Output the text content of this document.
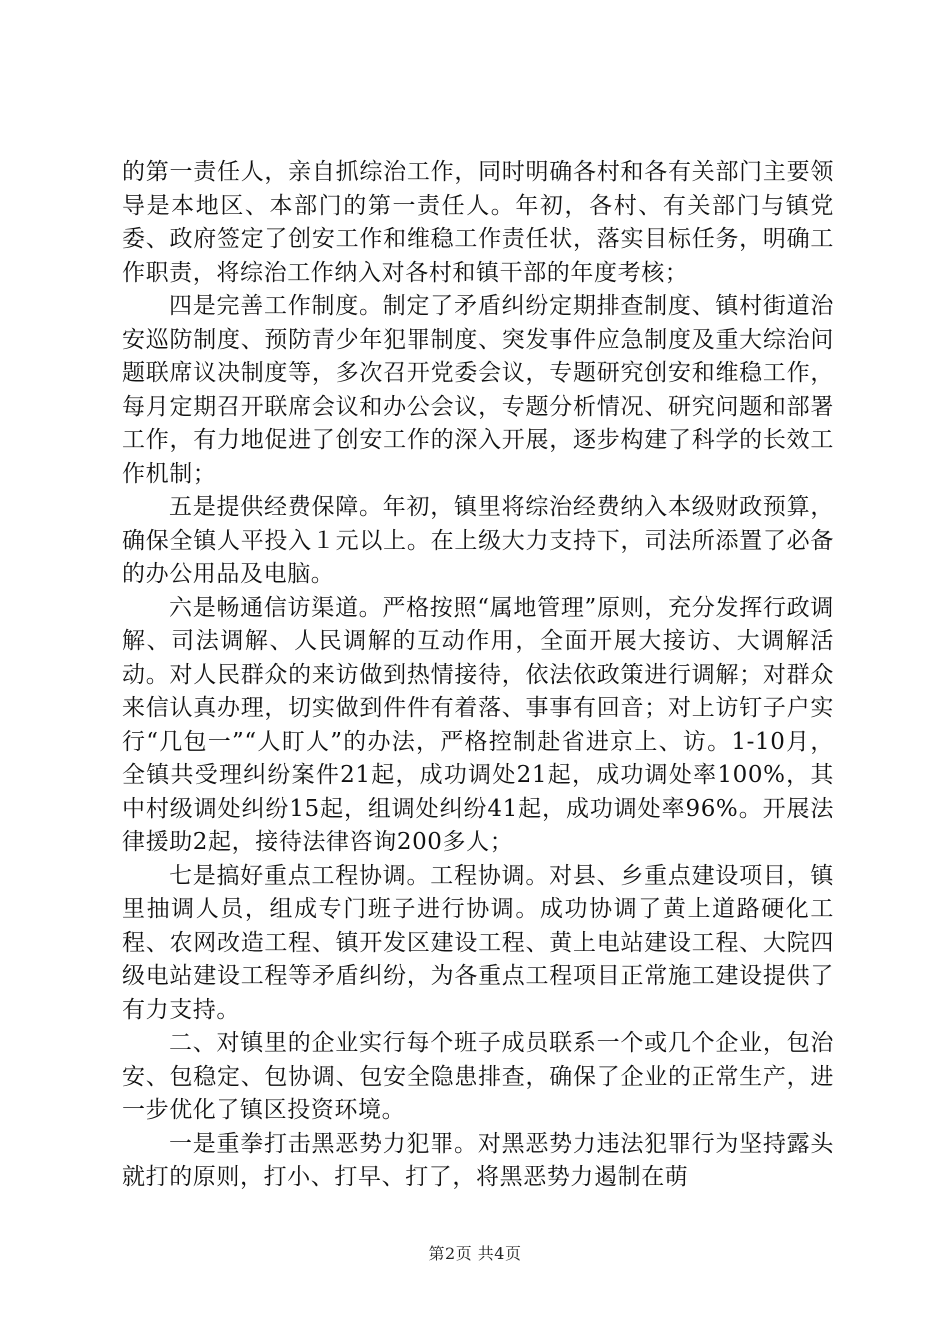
的第一责任人，亲自抓综治工作，同时明确各村和各有关部门主要领导是本地区、本部门的第一责任人。年初，各村、有关部门与镇党委、政府签定了创安工作和维稳工作责任状，落实目标任务，明确工作职责，将综治工作纳入对各村和镇干部的年度考核；

四是完善工作制度。制定了矛盾纠纷定期排查制度、镇村街道治安巡防制度、预防青少年犯罪制度、突发事件应急制度及重大综治问题联席议决制度等，多次召开党委会议，专题研究创安和维稳工作，每月定期召开联席会议和办公会议，专题分析情况、研究问题和部署工作，有力地促进了创安工作的深入开展，逐步构建了科学的长效工作机制；

五是提供经费保障。年初，镇里将综治经费纳入本级财政预算，确保全镇人平投入１元以上。在上级大力支持下，司法所添置了必备的办公用品及电脑。

六是畅通信访渠道。严格按照“属地管理”原则，充分发挥行政调解、司法调解、人民调解的互动作用，全面开展大接访、大调解活动。对人民群众的来访做到热情接待，依法依政策进行调解；对群众来信认真办理，切实做到件件有着落、事事有回音；对上访钉子户实行“几包一”“人盯人”的办法，严格控制赴省进京上、访。1-10月，全镇共受理纠纷案件21起，成功调处21起，成功调处率100%，其中村级调处纠纷15起，组调处纠纷41起，成功调处率96%。开展法律援助2起，接待法律咨询200多人；

七是搞好重点工程协调。工程协调。对县、乡重点建设项目，镇里抽调人员，组成专门班子进行协调。成功协调了黄上道路硬化工程、农网改造工程、镇开发区建设工程、黄上电站建设工程、大院四级电站建设工程等矛盾纠纷，为各重点工程项目正常施工建设提供了有力支持。

二、对镇里的企业实行每个班子成员联系一个或几个企业，包治安、包稳定、包协调、包安全隐患排查，确保了企业的正常生产，进一步优化了镇区投资环境。

一是重拳打击黑恶势力犯罪。对黑恶势力违法犯罪行为坚持露头就打的原则，打小、打早、打了，将黑恶势力遏制在萌

第2页 共4页
